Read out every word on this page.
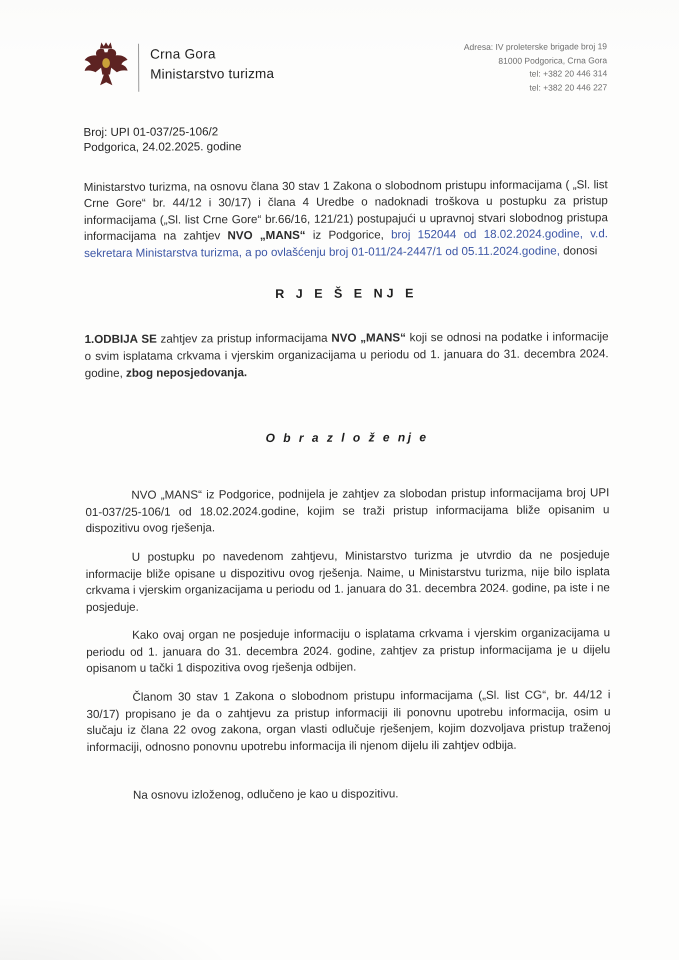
Crna Gora
Ministarstvo turizma
Adresa: IV proleterske brigade broj 19
81000 Podgorica, Crna Gora
tel: +382 20 446 314
tel: +382 20 446 227
Broj: UPI 01-037/25-106/2
Podgorica, 24.02.2025. godine

Ministarstvo turizma, na osnovu člana 30 stav 1 Zakona o slobodnom pristupu informacijama ( „Sl. list Crne Gore“ br. 44/12 i 30/17) i člana 4 Uredbe o nadoknadi troškova u postupku za pristup informacijama („Sl. list Crne Gore“ br.66/16, 121/21) postupajući u upravnoj stvari slobodnog pristupa informacijama na zahtjev NVO „MANS“ iz Podgorice, broj 152044 od 18.02.2024.godine, v.d. sekretara Ministarstva turizma, a po ovlašćenju broj 01-011/24-2447/1 od 05.11.2024.godine, donosi

R J E Š E NJ E

1.ODBIJA SE zahtjev za pristup informacijama NVO „MANS“ koji se odnosi na podatke i informacije o svim isplatama crkvama i vjerskim organizacijama u periodu od 1. januara do 31. decembra 2024. godine, zbog neposjedovanja.

O b r a z l o ž e nj e

NVO „MANS“ iz Podgorice, podnijela je zahtjev za slobodan pristup informacijama broj UPI 01-037/25-106/1 od 18.02.2024.godine, kojim se traži pristup informacijama bliže opisanim u dispozitivu ovog rješenja.

U postupku po navedenom zahtjevu, Ministarstvo turizma je utvrdio da ne posjeduje informacije bliže opisane u dispozitivu ovog rješenja. Naime, u Ministarstvu turizma, nije bilo isplata crkvama i vjerskim organizacijama u periodu od 1. januara do 31. decembra 2024. godine, pa iste i ne posjeduje.

Kako ovaj organ ne posjeduje informaciju o isplatama crkvama i vjerskim organizacijama u periodu od 1. januara do 31. decembra 2024. godine, zahtjev za pristup informacijama je u dijelu opisanom u tački 1 dispozitiva ovog rješenja odbijen.

Članom 30 stav 1 Zakona o slobodnom pristupu informacijama („Sl. list CG“, br. 44/12 i 30/17) propisano je da o zahtjevu za pristup informaciji ili ponovnu upotrebu informacija, osim u slučaju iz člana 22 ovog zakona, organ vlasti odlučuje rješenjem, kojim dozvoljava pristup traženoj informaciji, odnosno ponovnu upotrebu informacija ili njenom dijelu ili zahtjev odbija.

Na osnovu izloženog, odlučeno je kao u dispozitivu.
